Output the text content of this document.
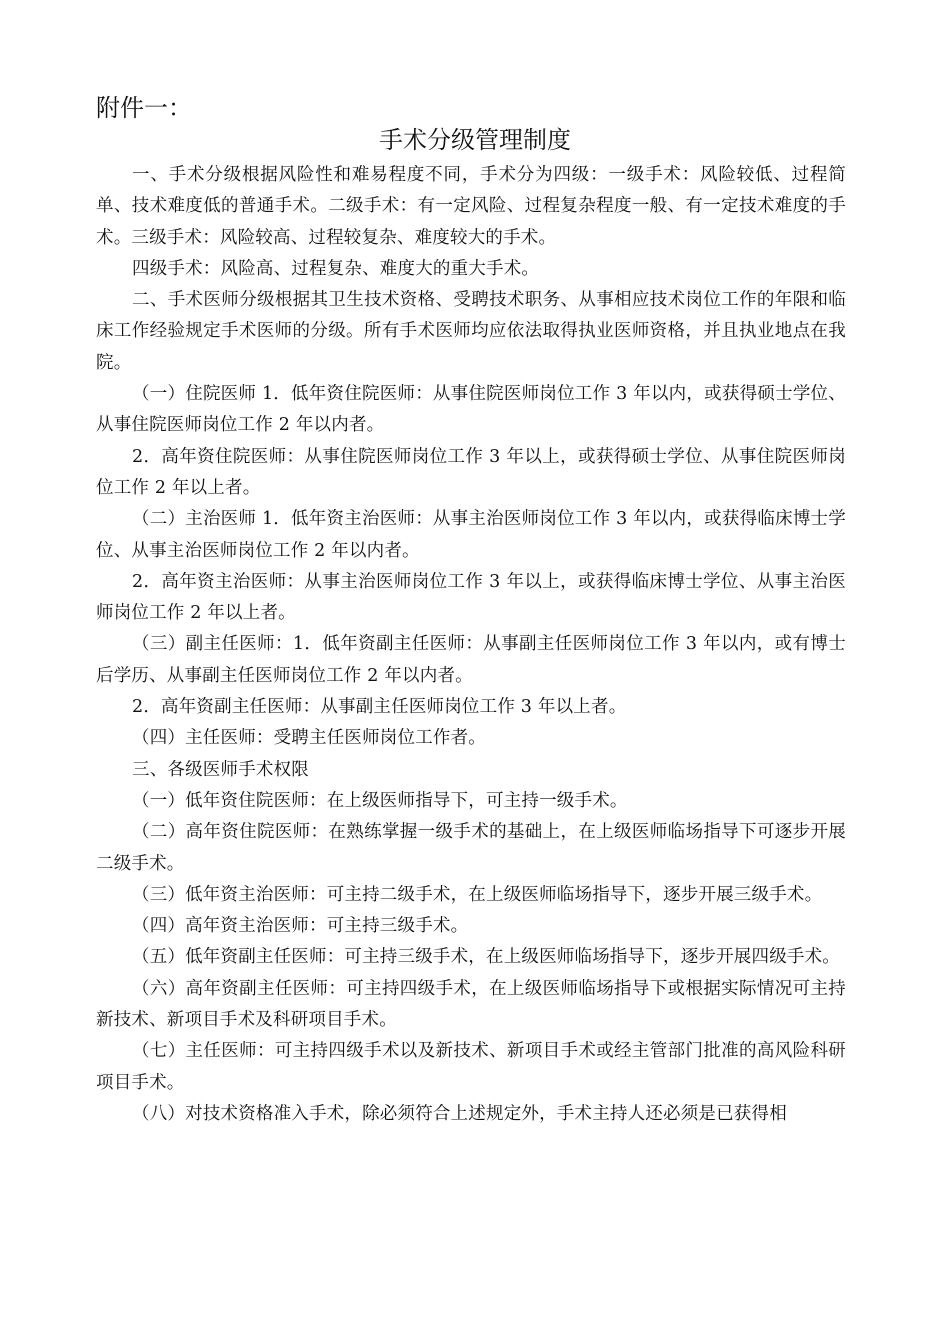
附件一：
手术分级管理制度

一、手术分级根据风险性和难易程度不同，手术分为四级：一级手术：风险较低、过程简单、技术难度低的普通手术。二级手术：有一定风险、过程复杂程度一般、有一定技术难度的手术。三级手术：风险较高、过程较复杂、难度较大的手术。

四级手术：风险高、过程复杂、难度大的重大手术。

二、手术医师分级根据其卫生技术资格、受聘技术职务、从事相应技术岗位工作的年限和临床工作经验规定手术医师的分级。所有手术医师均应依法取得执业医师资格，并且执业地点在我院。

（一）住院医师 1．低年资住院医师：从事住院医师岗位工作 3 年以内，或获得硕士学位、从事住院医师岗位工作 2 年以内者。

2．高年资住院医师：从事住院医师岗位工作 3 年以上，或获得硕士学位、从事住院医师岗位工作 2 年以上者。

（二）主治医师 1．低年资主治医师：从事主治医师岗位工作 3 年以内，或获得临床博士学位、从事主治医师岗位工作 2 年以内者。

2．高年资主治医师：从事主治医师岗位工作 3 年以上，或获得临床博士学位、从事主治医师岗位工作 2 年以上者。

（三）副主任医师：1．低年资副主任医师：从事副主任医师岗位工作 3 年以内，或有博士后学历、从事副主任医师岗位工作 2 年以内者。

2．高年资副主任医师：从事副主任医师岗位工作 3 年以上者。

（四）主任医师：受聘主任医师岗位工作者。

三、各级医师手术权限

（一）低年资住院医师：在上级医师指导下，可主持一级手术。

（二）高年资住院医师：在熟练掌握一级手术的基础上，在上级医师临场指导下可逐步开展二级手术。

（三）低年资主治医师：可主持二级手术，在上级医师临场指导下，逐步开展三级手术。

（四）高年资主治医师：可主持三级手术。

（五）低年资副主任医师：可主持三级手术，在上级医师临场指导下，逐步开展四级手术。

（六）高年资副主任医师：可主持四级手术，在上级医师临场指导下或根据实际情况可主持新技术、新项目手术及科研项目手术。

（七）主任医师：可主持四级手术以及新技术、新项目手术或经主管部门批准的高风险科研项目手术。

（八）对技术资格准入手术，除必须符合上述规定外，手术主持人还必须是已获得相
